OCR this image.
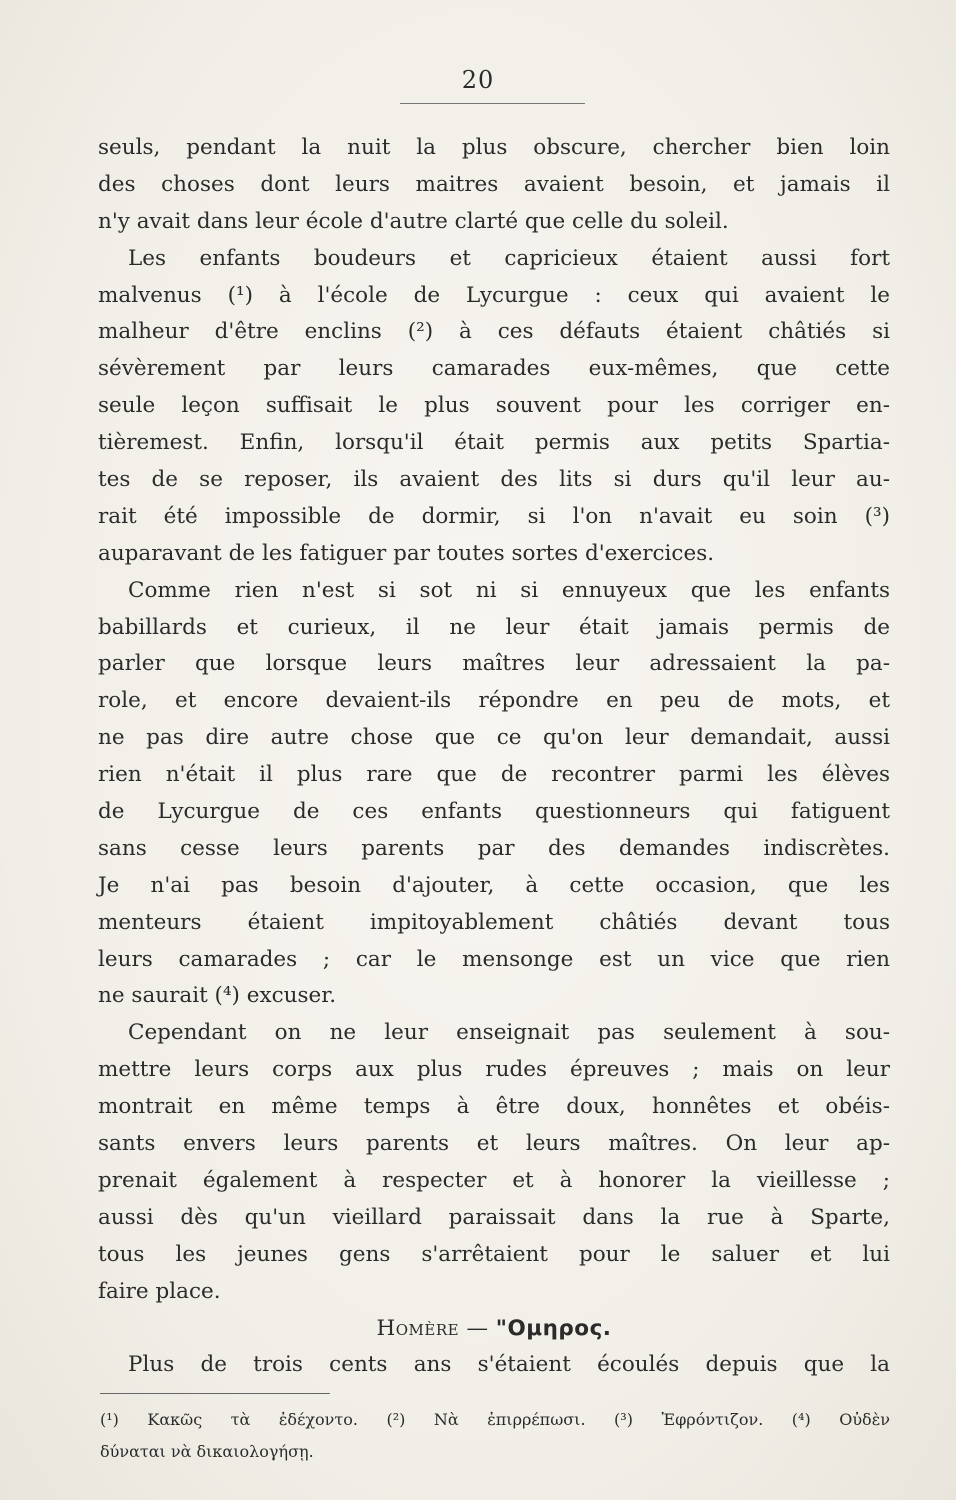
20
seuls, pendant la nuit la plus obscure, chercher bien loin
des choses dont leurs maitres avaient besoin, et jamais il
n'y avait dans leur école d'autre clarté que celle du soleil.
Les enfants boudeurs et capricieux étaient aussi fort
malvenus (¹) à l'école de Lycurgue : ceux qui avaient le
malheur d'être enclins (²) à ces défauts étaient châtiés si
sévèrement par leurs camarades eux-mêmes, que cette
seule leçon suffisait le plus souvent pour les corriger en-
tièremest. Enfin, lorsqu'il était permis aux petits Spartia-
tes de se reposer, ils avaient des lits si durs qu'il leur au-
rait été impossible de dormir, si l'on n'avait eu soin (³)
auparavant de les fatiguer par toutes sortes d'exercices.
Comme rien n'est si sot ni si ennuyeux que les enfants
babillards et curieux, il ne leur était jamais permis de
parler que lorsque leurs maîtres leur adressaient la pa-
role, et encore devaient-ils répondre en peu de mots, et
ne pas dire autre chose que ce qu'on leur demandait, aussi
rien n'était il plus rare que de recontrer parmi les élèves
de Lycurgue de ces enfants questionneurs qui fatiguent
sans cesse leurs parents par des demandes indiscrètes.
Je n'ai pas besoin d'ajouter, à cette occasion, que les
menteurs étaient impitoyablement châtiés devant tous
leurs camarades ; car le mensonge est un vice que rien
ne saurait (⁴) excuser.
Cependant on ne leur enseignait pas seulement à sou-
mettre leurs corps aux plus rudes épreuves ; mais on leur
montrait en même temps à être doux, honnêtes et obéis-
sants envers leurs parents et leurs maîtres. On leur ap-
prenait également à respecter et à honorer la vieillesse ;
aussi dès qu'un vieillard paraissait dans la rue à Sparte,
tous les jeunes gens s'arrêtaient pour le saluer et lui
faire place.
Homère — "Ομηρος.
Plus de trois cents ans s'étaient écoulés depuis que la
(¹) Κακῶς τὰ ἐδέχοντο. (²) Νὰ ἐπιρρέπωσι. (³) Ἐφρόντιζον. (⁴) Οὐδὲν
δύναται νὰ δικαιολογήσῃ.
